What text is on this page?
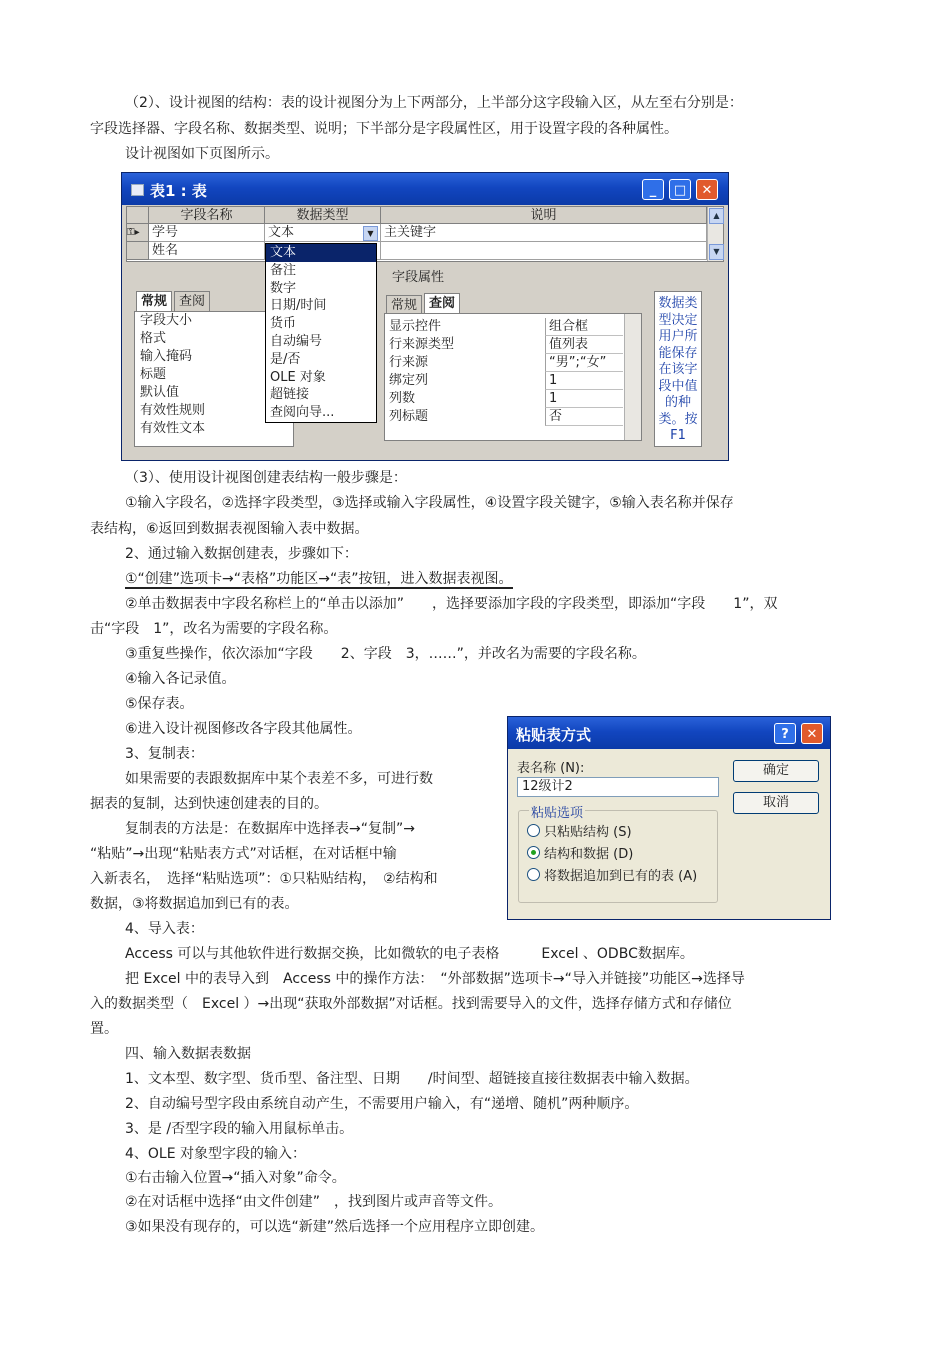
（2）、设计视图的结构：表的设计视图分为上下两部分，上半部分这字段输入区，从左至右分别是：
字段选择器、字段名称、数据类型、说明；下半部分是字段属性区，用于设置字段的各种属性。
设计视图如下页图所示。
表1 : 表	_	□	✕
字段名称	数据类型	说明
⚿▸ 学号	文本	▼ 主关键字
姓名
▲
▼
字段属性
常规 查阅
字段大小
格式
输入掩码
标题
默认值
有效性规则
有效性文本
常规 查阅
显示控件	组合框
行来源类型	值列表
行来源	“男”;“女”
绑定列	1
列数	1
列标题	否
数据类型决定用户所能保存在该字段中值的种类。按 F1
文本
备注
数字
日期/时间
货币
自动编号
是/否
OLE 对象
超链接
查阅向导...
（3）、使用设计视图创建表结构一般步骤是：
①输入字段名，②选择字段类型，③选择或输入字段属性，④设置字段关键字，⑤输入表名称并保存
表结构，⑥返回到数据表视图输入表中数据。
2、通过输入数据创建表，步骤如下：
①“创建”选项卡→“表格”功能区→“表”按钮，进入数据表视图。
②单击数据表中字段名称栏上的“单击以添加”　　，选择要添加字段的字段类型，即添加“字段　　1”，双
击“字段　1”，改名为需要的字段名称。
③重复些操作，依次添加“字段　　2、字段　3，……”，并改名为需要的字段名称。
④输入各记录值。
⑤保存表。
⑥进入设计视图修改各字段其他属性。
3、复制表：
如果需要的表跟数据库中某个表差不多，可进行数
据表的复制，达到快速创建表的目的。
复制表的方法是：在数据库中选择表→“复制”→
“粘贴”→出现“粘贴表方式”对话框，在对话框中输
入新表名，　选择“粘贴选项”：①只粘贴结构，　②结构和
数据，③将数据追加到已有的表。
粘贴表方式	?	✕
表名称 (N):
12级计2
确定
取消
粘贴选项
只粘贴结构 (S)
结构和数据 (D)
将数据追加到已有的表 (A)
4、导入表：
Access 可以与其他软件进行数据交换，比如微软的电子表格　　　Excel 、ODBC数据库。
把 Excel 中的表导入到　Access 中的操作方法：　“外部数据”选项卡→“导入并链接”功能区→选择导
入的数据类型（　Excel ）→出现“获取外部数据”对话框。找到需要导入的文件，选择存储方式和存储位
置。
四、输入数据表数据
1、文本型、数字型、货币型、备注型、日期　　/时间型、超链接直接往数据表中输入数据。
2、自动编号型字段由系统自动产生，不需要用户输入，有“递增、随机”两种顺序。
3、是 /否型字段的输入用鼠标单击。
4、OLE 对象型字段的输入：
①右击输入位置→“插入对象”命令。
②在对话框中选择“由文件创建”　，找到图片或声音等文件。
③如果没有现存的，可以选“新建”然后选择一个应用程序立即创建。
